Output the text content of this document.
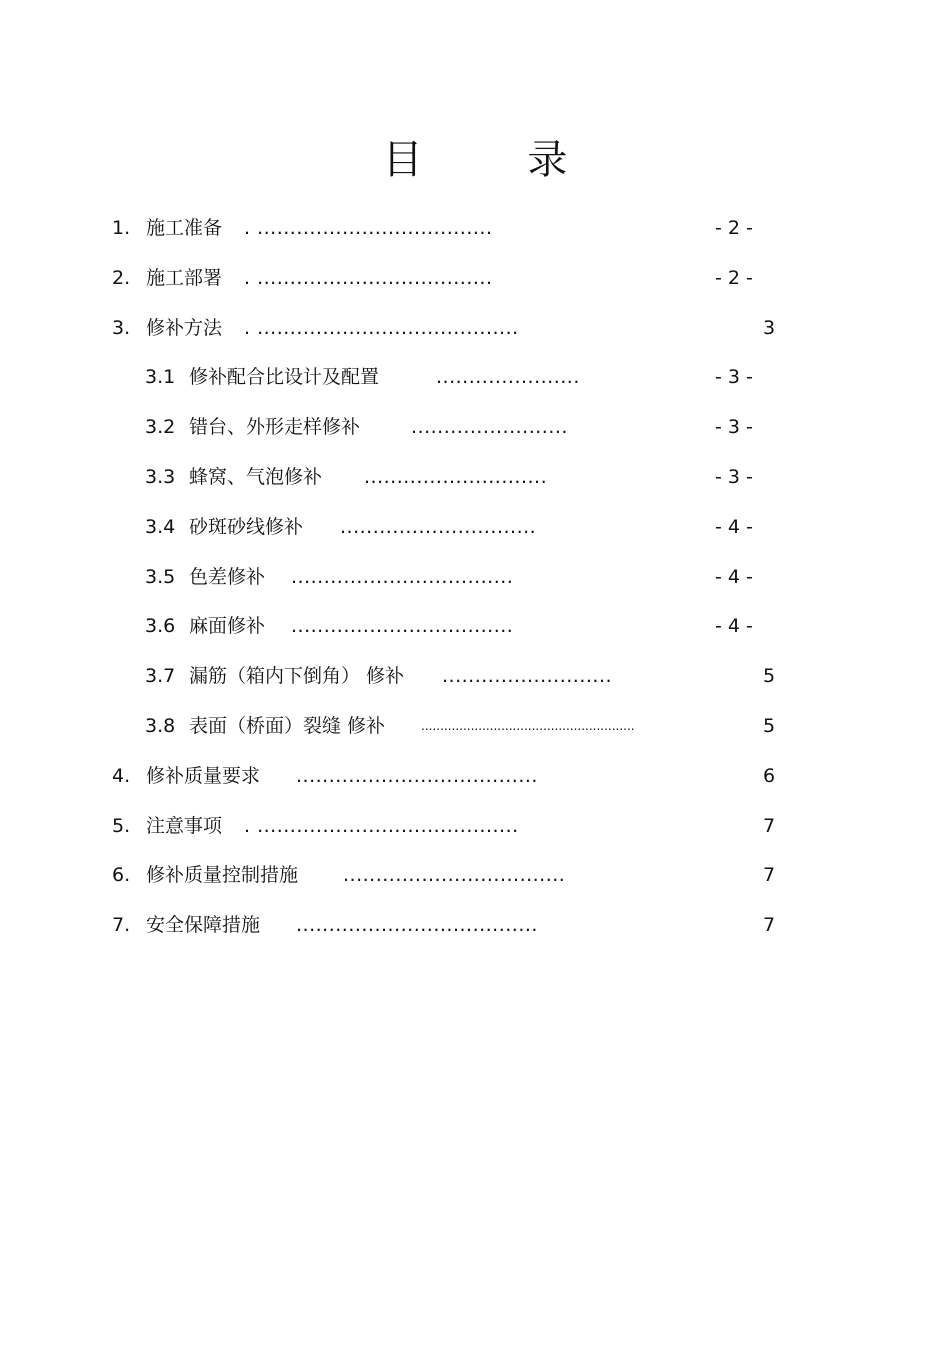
目 录
1. 施工准备 . ....................................	- 2 -
2. 施工部署 . ....................................	- 2 -
3. 修补方法 . ........................................	3
3.1 修补配合比设计及配置	......................	- 3 -
3.2 错台、外形走样修补	........................	- 3 -
3.3 蜂窝、气泡修补 ............................	- 3 -
3.4 砂斑砂线修补 ..............................	- 4 -
3.5 色差修补 ..................................	- 4 -
3.6 麻面修补 ..................................	- 4 -
3.7 漏筋（箱内下倒角） 修补 ..........................	5
3.8 表面（桥面）裂缝 修补	........................................................	5
4. 修补质量要求 .....................................	6
5. 注意事项 . ........................................	7
6. 修补质量控制措施 ..................................	7
7. 安全保障措施 .....................................	7
